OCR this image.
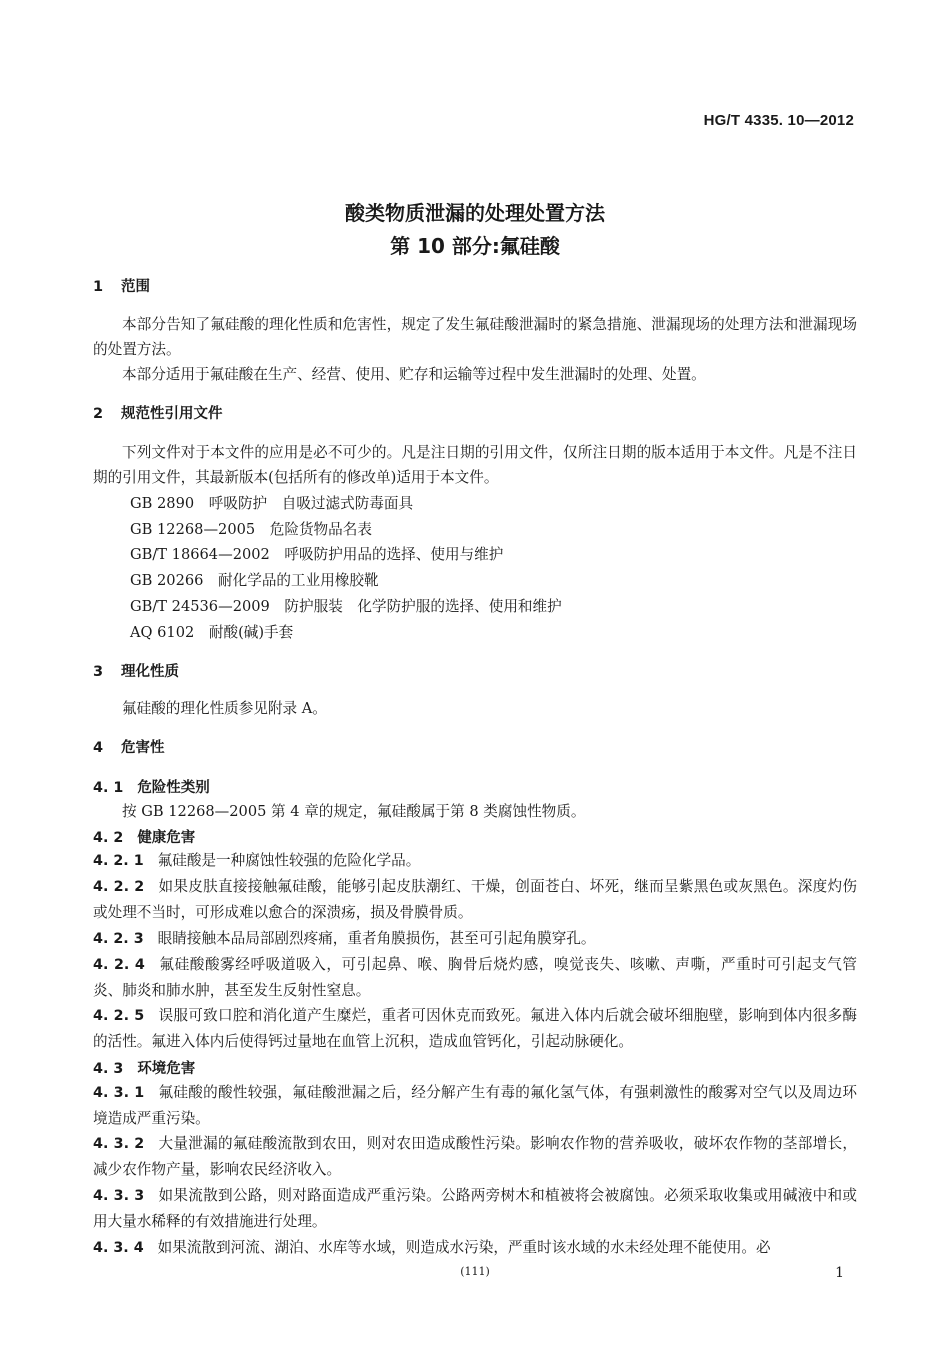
HG/T 4335. 10—2012
酸类物质泄漏的处理处置方法
第 10 部分:氟硅酸
1 范围
本部分告知了氟硅酸的理化性质和危害性，规定了发生氟硅酸泄漏时的紧急措施、泄漏现场的处理方法和泄漏现场的处置方法。
本部分适用于氟硅酸在生产、经营、使用、贮存和运输等过程中发生泄漏时的处理、处置。
2 规范性引用文件
下列文件对于本文件的应用是必不可少的。凡是注日期的引用文件，仅所注日期的版本适用于本文件。凡是不注日期的引用文件，其最新版本(包括所有的修改单)适用于本文件。
GB 2890　呼吸防护　自吸过滤式防毒面具
GB 12268—2005　危险货物品名表
GB/T 18664—2002　呼吸防护用品的选择、使用与维护
GB 20266　耐化学品的工业用橡胶靴
GB/T 24536—2009　防护服装　化学防护服的选择、使用和维护
AQ 6102　耐酸(碱)手套
3 理化性质
氟硅酸的理化性质参见附录 A。
4 危害性
4. 1 危险性类别
按 GB 12268—2005 第 4 章的规定，氟硅酸属于第 8 类腐蚀性物质。
4. 2 健康危害
4. 2. 1 氟硅酸是一种腐蚀性较强的危险化学品。
4. 2. 2 如果皮肤直接接触氟硅酸，能够引起皮肤潮红、干燥，创面苍白、坏死，继而呈紫黑色或灰黑色。深度灼伤或处理不当时，可形成难以愈合的深溃疡，损及骨膜骨质。
4. 2. 3 眼睛接触本品局部剧烈疼痛，重者角膜损伤，甚至可引起角膜穿孔。
4. 2. 4 氟硅酸酸雾经呼吸道吸入，可引起鼻、喉、胸骨后烧灼感，嗅觉丧失、咳嗽、声嘶，严重时可引起支气管炎、肺炎和肺水肿，甚至发生反射性窒息。
4. 2. 5 误服可致口腔和消化道产生糜烂，重者可因休克而致死。氟进入体内后就会破坏细胞壁，影响到体内很多酶的活性。氟进入体内后使得钙过量地在血管上沉积，造成血管钙化，引起动脉硬化。
4. 3 环境危害
4. 3. 1 氟硅酸的酸性较强，氟硅酸泄漏之后，经分解产生有毒的氟化氢气体，有强刺激性的酸雾对空气以及周边环境造成严重污染。
4. 3. 2 大量泄漏的氟硅酸流散到农田，则对农田造成酸性污染。影响农作物的营养吸收，破坏农作物的茎部增长，减少农作物产量，影响农民经济收入。
4. 3. 3 如果流散到公路，则对路面造成严重污染。公路两旁树木和植被将会被腐蚀。必须采取收集或用碱液中和或用大量水稀释的有效措施进行处理。
4. 3. 4 如果流散到河流、湖泊、水库等水域，则造成水污染，严重时该水域的水未经处理不能使用。必
(111)	1
